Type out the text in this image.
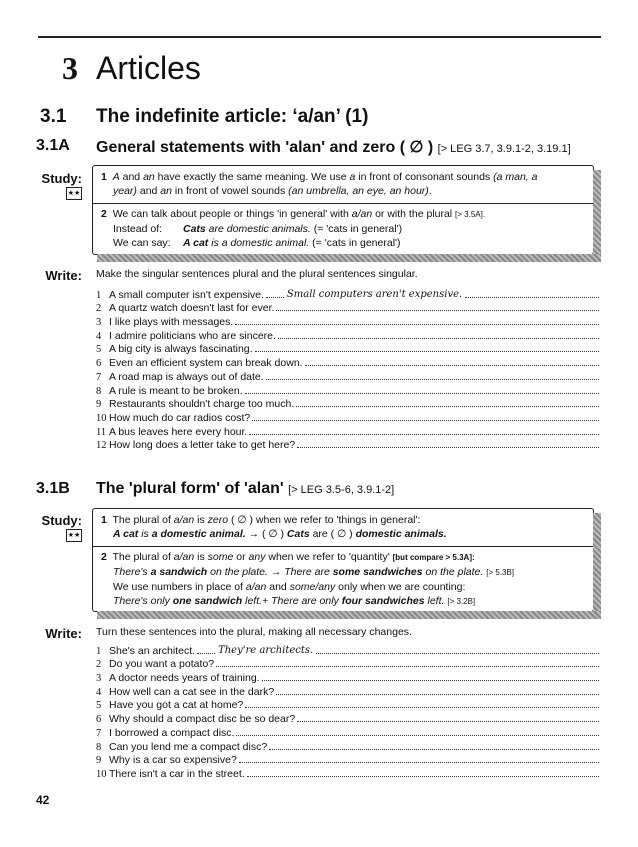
3 Articles
3.1 The indefinite article: ‘a/an’ (1)
3.1A General statements with 'alan' and zero ( ∅ ) [> LEG 3.7, 3.9.1-2, 3.19.1]
Study:
★★
1 A and an have exactly the same meaning. We use a in front of consonant sounds (a man, a
year) and an in front of vowel sounds (an umbrella, an eye, an hour).
2 We can talk about people or things 'in general' with a/an or with the plural [> 3.5A].
Instead of: Cats are domestic animals. (= 'cats in general')
We can say: A cat is a domestic animal. (= 'cats in general')
Write: Make the singular sentences plural and the plural sentences singular.
1 A small computer isn't expensive. Small computers aren't expensive.
2 A quartz watch doesn't last for ever.
3 I like plays with messages.
4 I admire politicians who are sincere.
5 A big city is always fascinating.
6 Even an efficient system can break down.
7 A road map is always out of date.
8 A rule is meant to be broken.
9 Restaurants shouldn't charge too much.
10 How much do car radios cost?
11 A bus leaves here every hour.
12 How long does a letter take to get here?
3.1B The 'plural form' of 'alan' [> LEG 3.5-6, 3.9.1-2]
Study:
★★
1 The plural of a/an is zero ( ∅ ) when we refer to 'things in general':
A cat is a domestic animal. → ( ∅ ) Cats are ( ∅ ) domestic animals.
2 The plural of a/an is some or any when we refer to 'quantity' [but compare > 5.3A]:
There's a sandwich on the plate. → There are some sandwiches on the plate. [> 5.3B]
We use numbers in place of a/an and some/any only when we are counting:
There's only one sandwich left.+ There are only four sandwiches left. [> 3.2B]
Write: Turn these sentences into the plural, making all necessary changes.
1 She's an architect. They're architects.
2 Do you want a potato?
3 A doctor needs years of training.
4 How well can a cat see in the dark?
5 Have you got a cat at home?
6 Why should a compact disc be so dear?
7 I borrowed a compact disc.
8 Can you lend me a compact disc?
9 Why is a car so expensive?
10 There isn't a car in the street.
42
